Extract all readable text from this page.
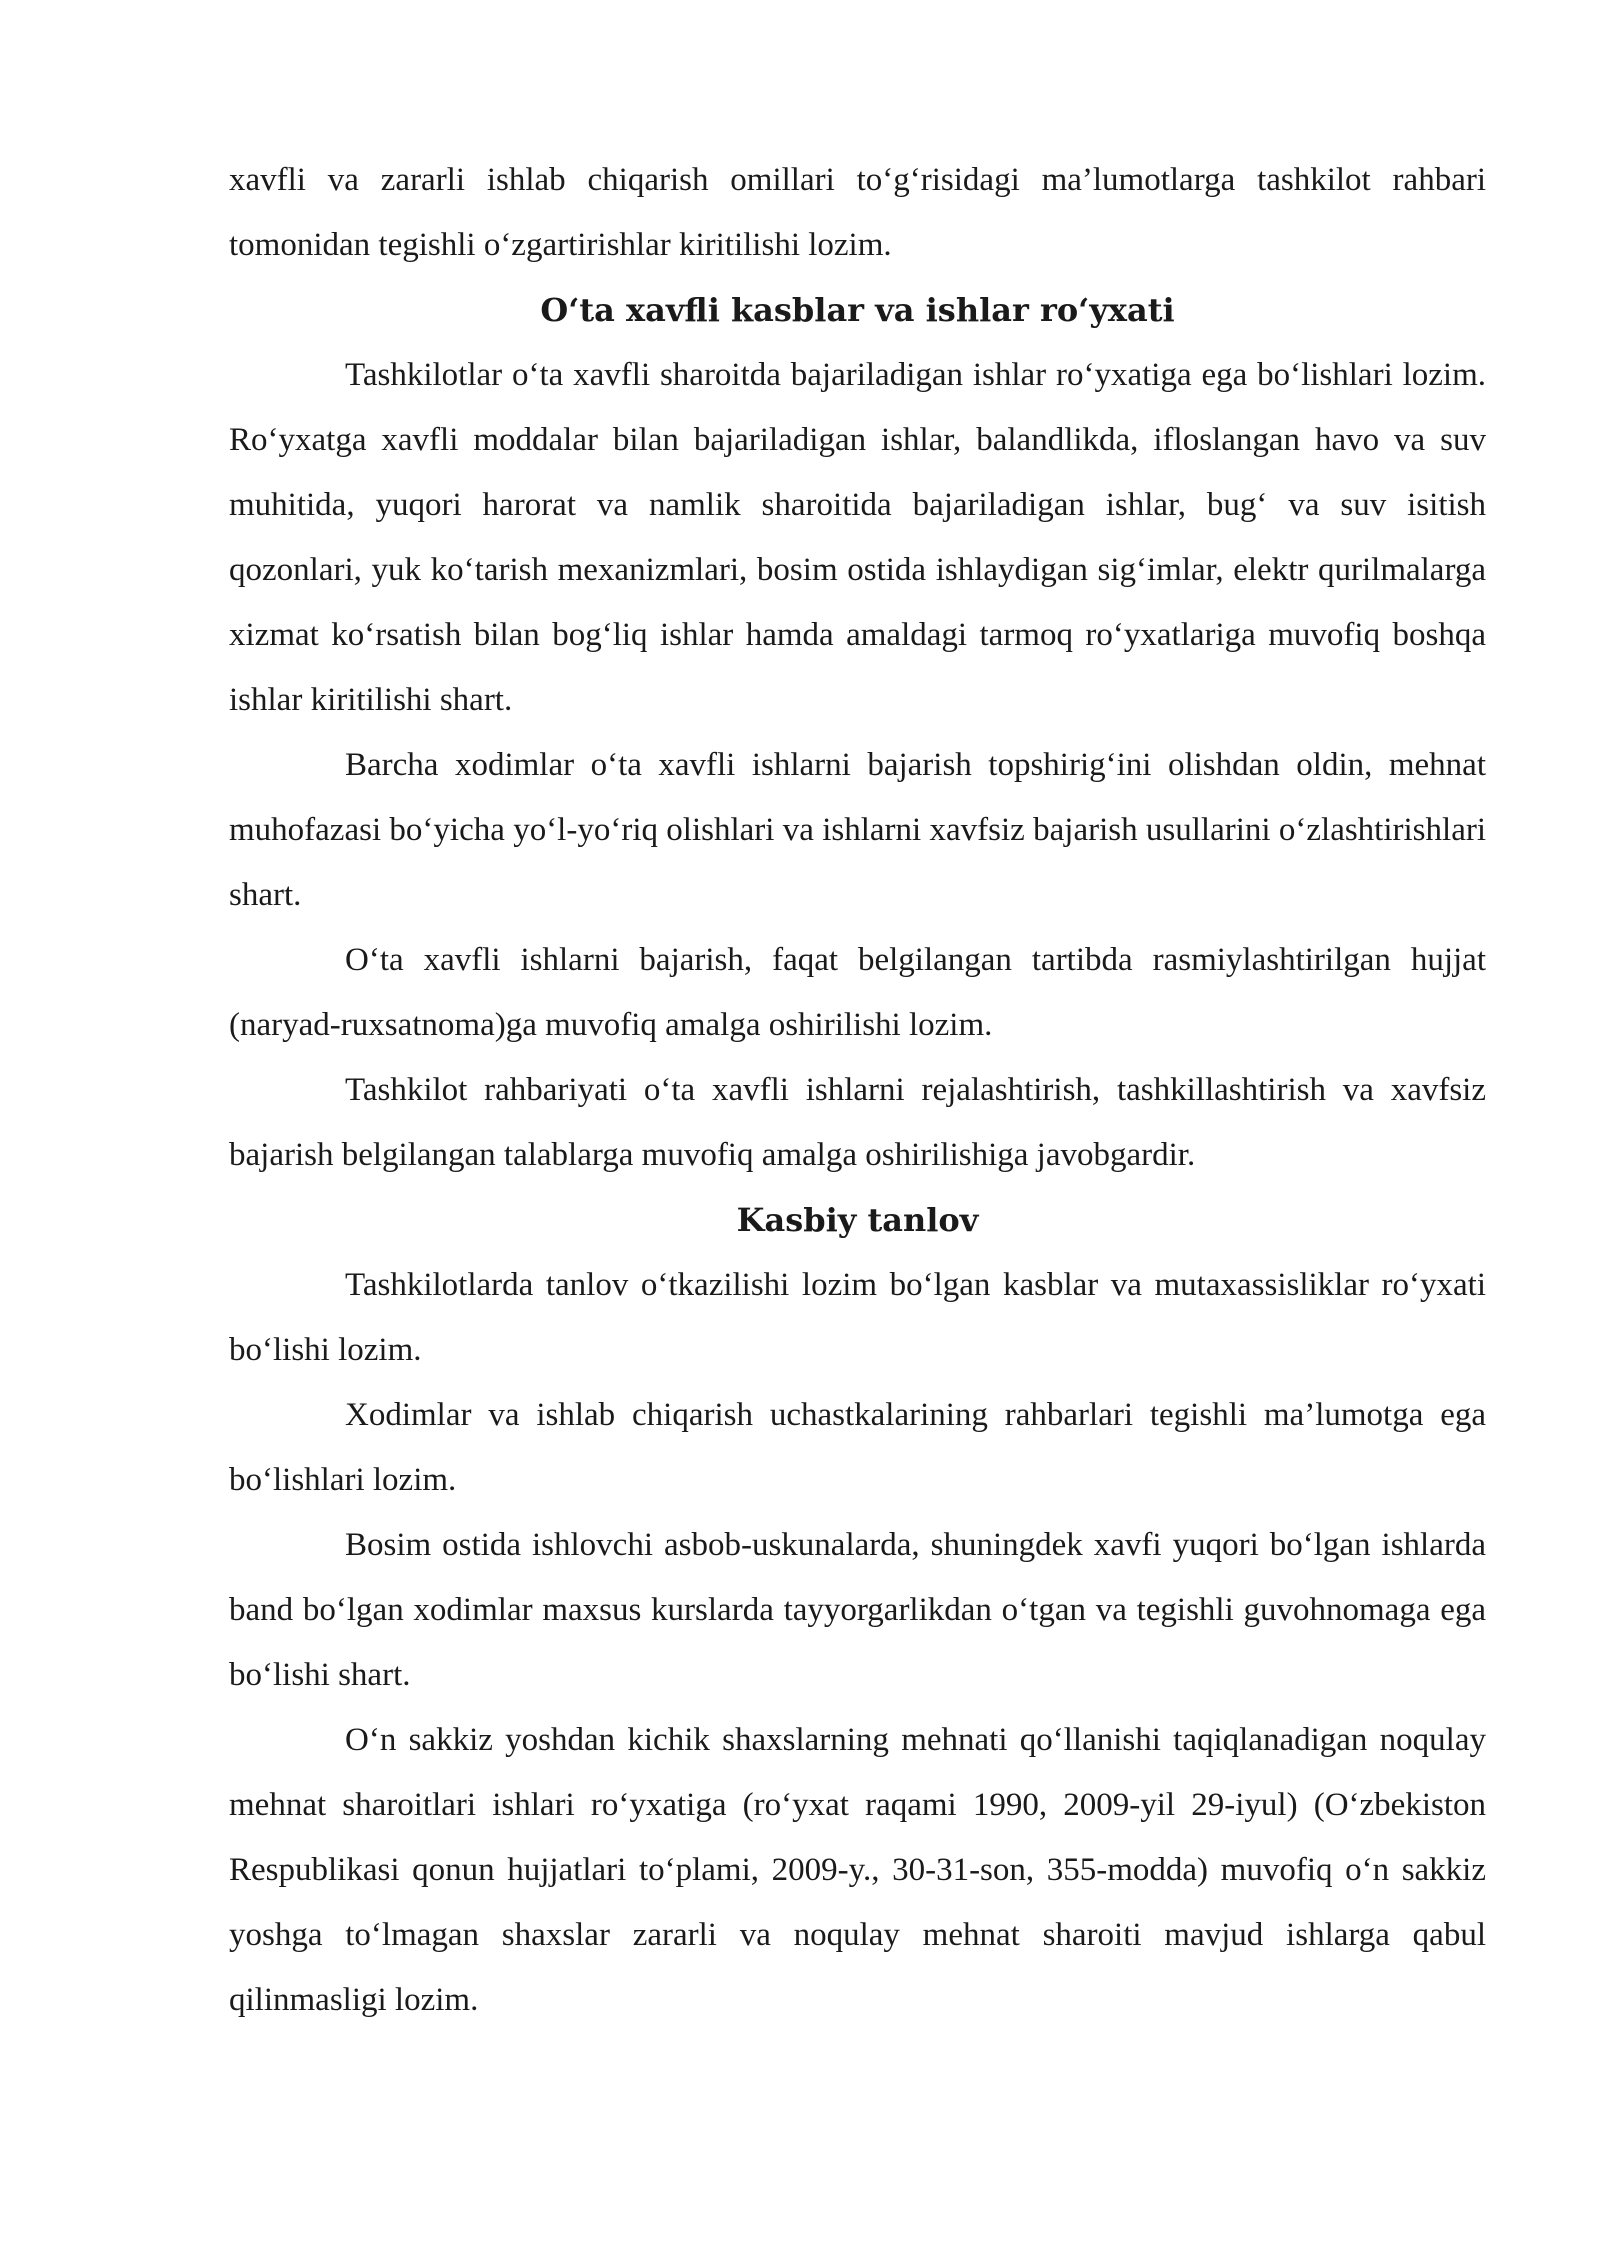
xavfli va zararli ishlab chiqarish omillari to‘g‘risidagi ma’lumotlarga tashkilot rahbari tomonidan tegishli o‘zgartirishlar kiritilishi lozim.

O‘ta xavfli kasblar va ishlar ro‘yxati

Tashkilotlar o‘ta xavfli sharoitda bajariladigan ishlar ro‘yxatiga ega bo‘lishlari lozim. Ro‘yxatga xavfli moddalar bilan bajariladigan ishlar, balandlikda, ifloslangan havo va suv muhitida, yuqori harorat va namlik sharoitida bajariladigan ishlar, bug‘ va suv isitish qozonlari, yuk ko‘tarish mexanizmlari, bosim ostida ishlaydigan sig‘imlar, elektr qurilmalarga xizmat ko‘rsatish bilan bog‘liq ishlar hamda amaldagi tarmoq ro‘yxatlariga muvofiq boshqa ishlar kiritilishi shart.

Barcha xodimlar o‘ta xavfli ishlarni bajarish topshirig‘ini olishdan oldin, mehnat muhofazasi bo‘yicha yo‘l-yo‘riq olishlari va ishlarni xavfsiz bajarish usullarini o‘zlashtirishlari shart.

O‘ta xavfli ishlarni bajarish, faqat belgilangan tartibda rasmiylashtirilgan hujjat (naryad-ruxsatnoma)ga muvofiq amalga oshirilishi lozim.

Tashkilot rahbariyati o‘ta xavfli ishlarni rejalashtirish, tashkillashtirish va xavfsiz bajarish belgilangan talablarga muvofiq amalga oshirilishiga javobgardir.

Kasbiy tanlov

Tashkilotlarda tanlov o‘tkazilishi lozim bo‘lgan kasblar va mutaxassisliklar ro‘yxati bo‘lishi lozim.

Xodimlar va ishlab chiqarish uchastkalarining rahbarlari tegishli ma’lumotga ega bo‘lishlari lozim.

Bosim ostida ishlovchi asbob-uskunalarda, shuningdek xavfi yuqori bo‘lgan ishlarda band bo‘lgan xodimlar maxsus kurslarda tayyorgarlikdan o‘tgan va tegishli guvohnomaga ega bo‘lishi shart.

O‘n sakkiz yoshdan kichik shaxslarning mehnati qo‘llanishi taqiqlanadigan noqulay mehnat sharoitlari ishlari ro‘yxatiga (ro‘yxat raqami 1990, 2009-yil 29-iyul) (O‘zbekiston Respublikasi qonun hujjatlari to‘plami, 2009-y., 30-31-son, 355-modda) muvofiq o‘n sakkiz yoshga to‘lmagan shaxslar zararli va noqulay mehnat sharoiti mavjud ishlarga qabul qilinmasligi lozim.
